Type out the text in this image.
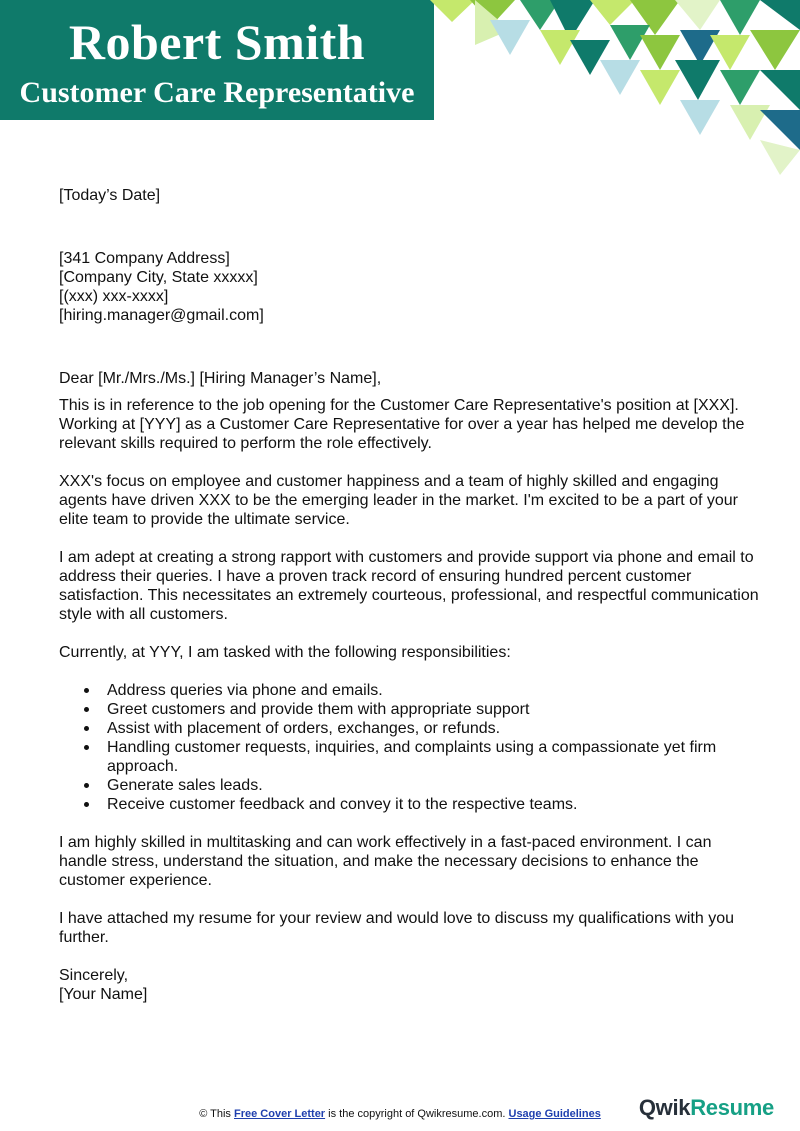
Robert Smith
Customer Care Representative

[Today’s Date]

[341 Company Address]

[Company City, State xxxxx]

[(xxx) xxx-xxxx]

[hiring.manager@gmail.com]

Dear [Mr./Mrs./Ms.] [Hiring Manager’s Name],

This is in reference to the job opening for the Customer Care Representative's position at [XXX]. Working at [YYY] as a Customer Care Representative for over a year has helped me develop the relevant skills required to perform the role effectively.

XXX's focus on employee and customer happiness and a team of highly skilled and engaging agents have driven XXX to be the emerging leader in the market. I'm excited to be a part of your elite team to provide the ultimate service.

I am adept at creating a strong rapport with customers and provide support via phone and email to address their queries. I have a proven track record of ensuring hundred percent customer satisfaction. This necessitates an extremely courteous, professional, and respectful communication style with all customers.

Currently, at YYY, I am tasked with the following responsibilities:

Address queries via phone and emails.
Greet customers and provide them with appropriate support
Assist with placement of orders, exchanges, or refunds.
Handling customer requests, inquiries, and complaints using a compassionate yet firm approach.
Generate sales leads.
Receive customer feedback and convey it to the respective teams.

I am highly skilled in multitasking and can work effectively in a fast-paced environment. I can handle stress, understand the situation, and make the necessary decisions to enhance the customer experience.

I have attached my resume for your review and would love to discuss my qualifications with you further.

Sincerely,

[Your Name]

© This Free Cover Letter is the copyright of Qwikresume.com. Usage Guidelines	QwikResume
